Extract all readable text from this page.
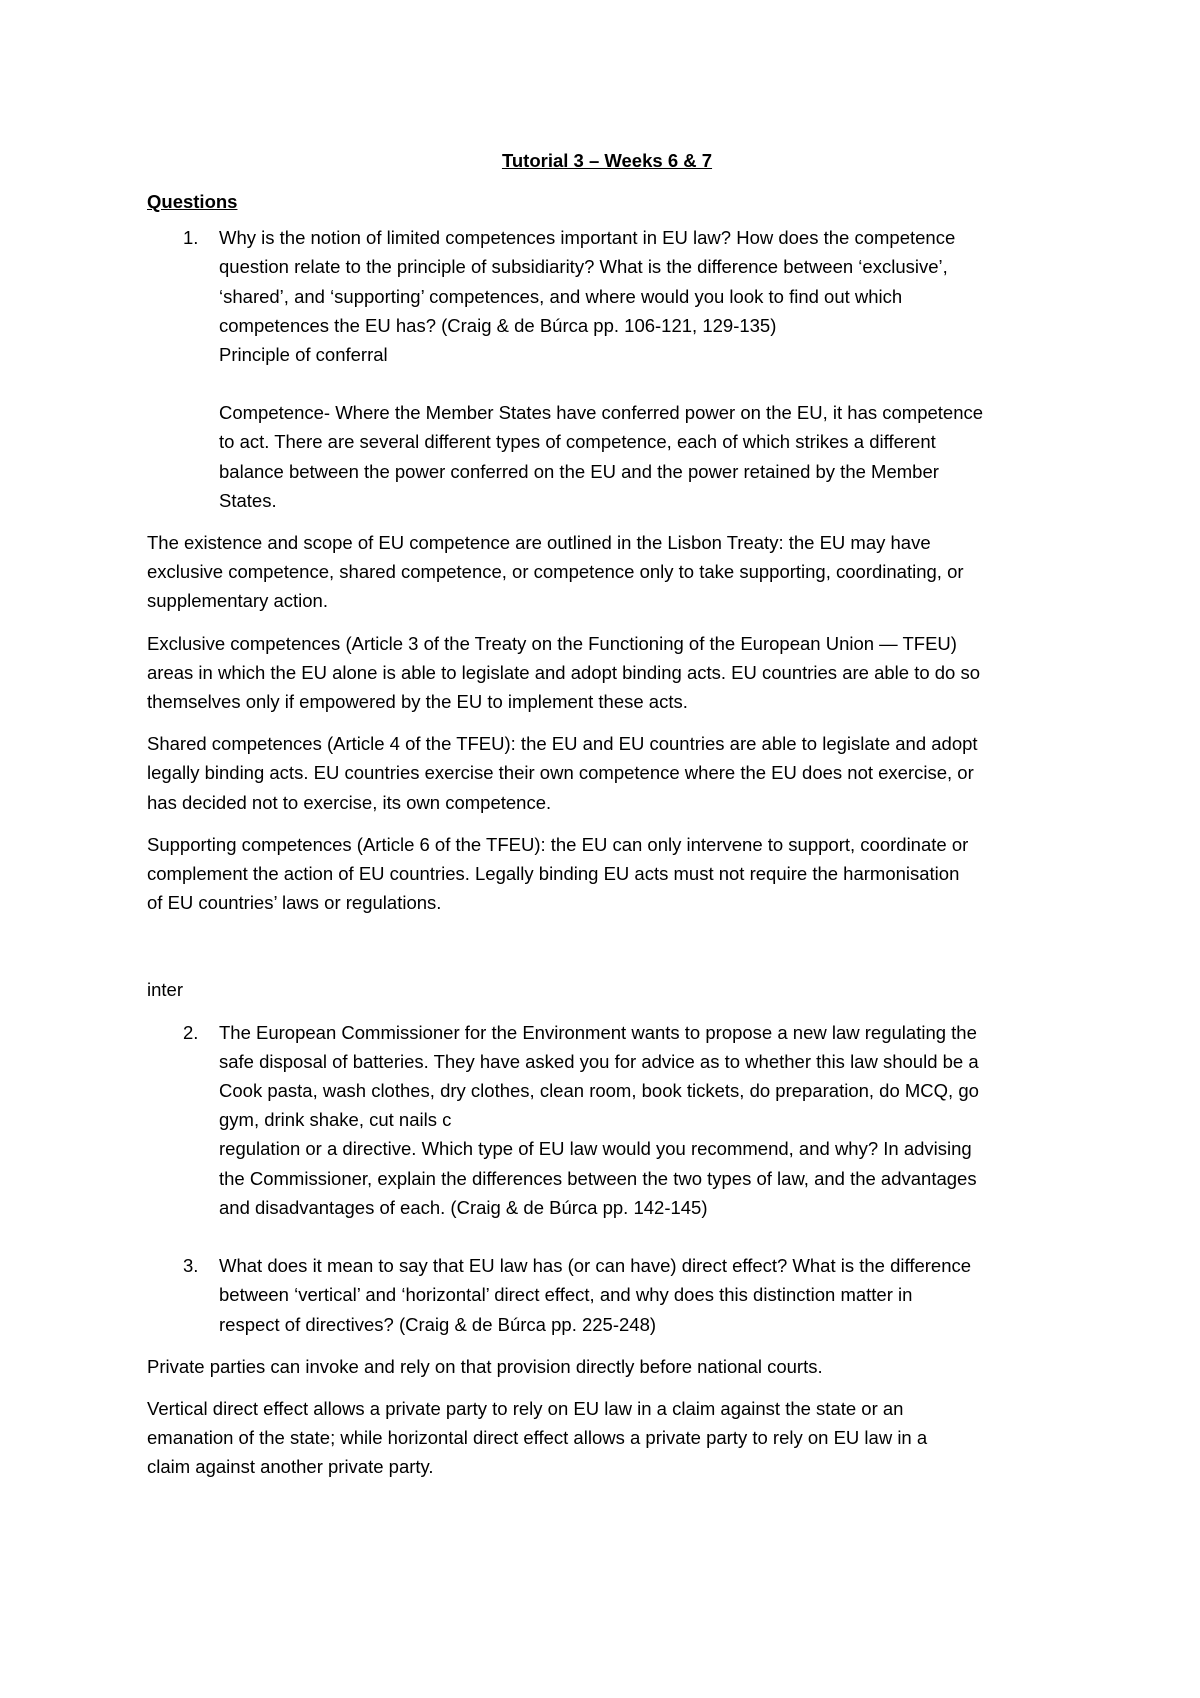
Tutorial 3 – Weeks 6 & 7
Questions
1. Why is the notion of limited competences important in EU law? How does the competence
question relate to the principle of subsidiarity? What is the difference between ‘exclusive’,
‘shared’, and ‘supporting’ competences, and where would you look to find out which
competences the EU has? (Craig & de Búrca pp. 106-121, 129-135)
Principle of conferral
Competence- Where the Member States have conferred power on the EU, it has competence
to act. There are several different types of competence, each of which strikes a different
balance between the power conferred on the EU and the power retained by the Member
States.
The existence and scope of EU competence are outlined in the Lisbon Treaty: the EU may have
exclusive competence, shared competence, or competence only to take supporting, coordinating, or
supplementary action.
Exclusive competences (Article 3 of the Treaty on the Functioning of the European Union — TFEU)
areas in which the EU alone is able to legislate and adopt binding acts. EU countries are able to do so
themselves only if empowered by the EU to implement these acts.
Shared competences (Article 4 of the TFEU): the EU and EU countries are able to legislate and adopt
legally binding acts. EU countries exercise their own competence where the EU does not exercise, or
has decided not to exercise, its own competence.
Supporting competences (Article 6 of the TFEU): the EU can only intervene to support, coordinate or
complement the action of EU countries. Legally binding EU acts must not require the harmonisation
of EU countries’ laws or regulations.
inter
2. The European Commissioner for the Environment wants to propose a new law regulating the
safe disposal of batteries. They have asked you for advice as to whether this law should be a
Cook pasta, wash clothes, dry clothes, clean room, book tickets, do preparation, do MCQ, go
gym, drink shake, cut nails c
regulation or a directive. Which type of EU law would you recommend, and why? In advising
the Commissioner, explain the differences between the two types of law, and the advantages
and disadvantages of each. (Craig & de Búrca pp. 142-145)
3. What does it mean to say that EU law has (or can have) direct effect? What is the difference
between ‘vertical’ and ‘horizontal’ direct effect, and why does this distinction matter in
respect of directives? (Craig & de Búrca pp. 225-248)
Private parties can invoke and rely on that provision directly before national courts.
Vertical direct effect allows a private party to rely on EU law in a claim against the state or an
emanation of the state; while horizontal direct effect allows a private party to rely on EU law in a
claim against another private party.
